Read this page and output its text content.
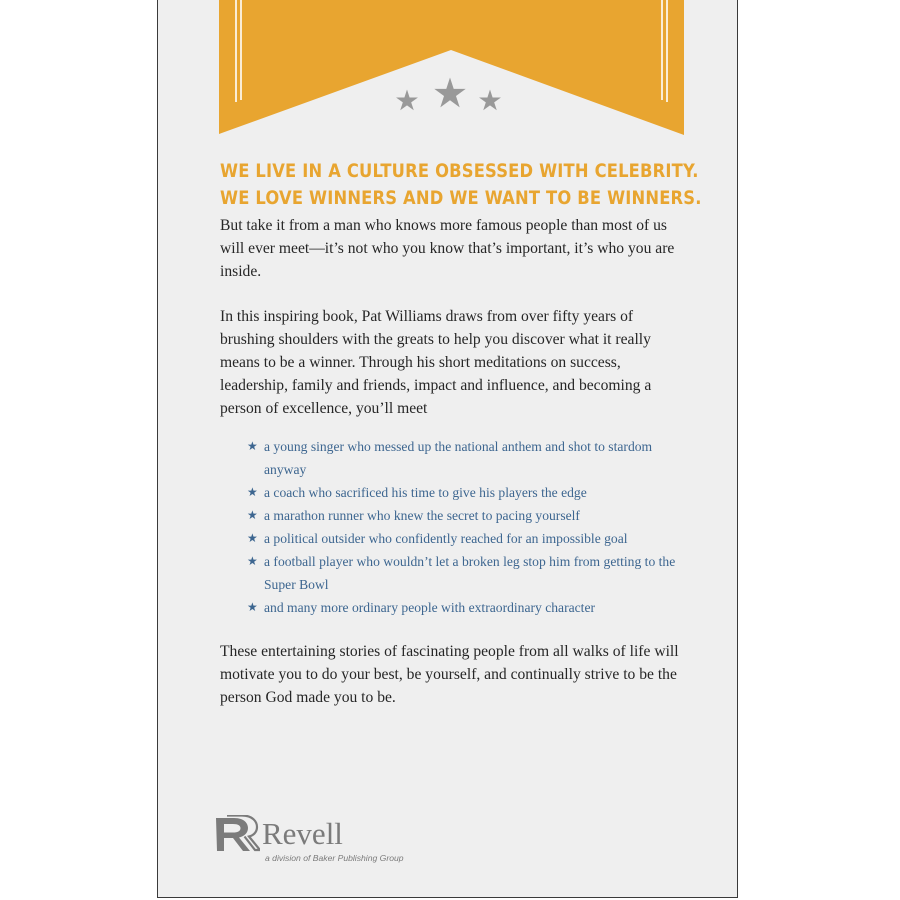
WE LIVE IN A CULTURE OBSESSED WITH CELEBRITY.
WE LOVE WINNERS AND WE WANT TO BE WINNERS.

But take it from a man who knows more famous people than most of us will ever meet—it’s not who you know that’s important, it’s who you are inside.

In this inspiring book, Pat Williams draws from over fifty years of brushing shoulders with the greats to help you discover what it really means to be a winner. Through his short meditations on success, leadership, family and friends, impact and influence, and becoming a person of excellence, you’ll meet

★ a young singer who messed up the national anthem and shot to stardom anyway
★ a coach who sacrificed his time to give his players the edge
★ a marathon runner who knew the secret to pacing yourself
★ a political outsider who confidently reached for an impossible goal
★ a football player who wouldn’t let a broken leg stop him from getting to the Super Bowl
★ and many more ordinary people with extraordinary character

These entertaining stories of fascinating people from all walks of life will motivate you to do your best, be yourself, and continually strive to be the person God made you to be.

Revell
a division of Baker Publishing Group
